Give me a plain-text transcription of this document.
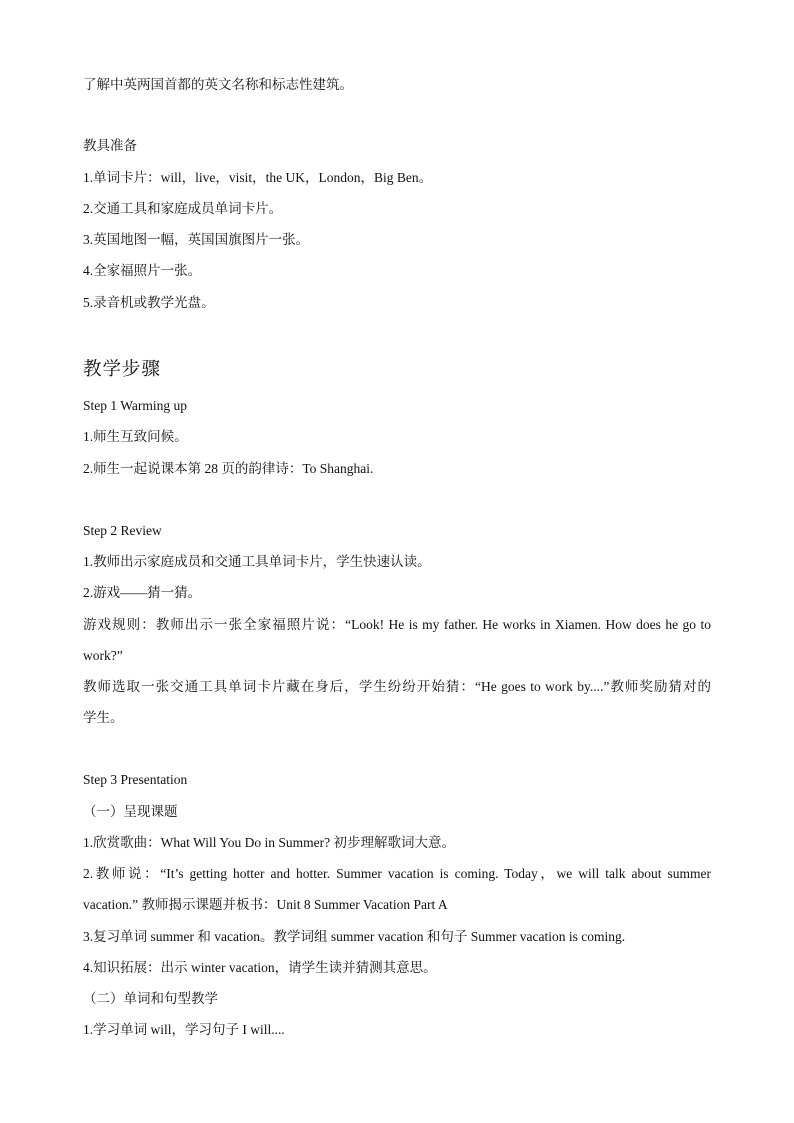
了解中英两国首都的英文名称和标志性建筑。
教具准备
1.单词卡片：will，live，visit，the UK，London，Big Ben。
2.交通工具和家庭成员单词卡片。
3.英国地图一幅，英国国旗图片一张。
4.全家福照片一张。
5.录音机或教学光盘。
教学步骤
Step 1 Warming up
1.师生互致问候。
2.师生一起说课本第 28 页的韵律诗：To Shanghai.
Step 2 Review
1.教师出示家庭成员和交通工具单词卡片，学生快速认读。
2.游戏——猜一猜。
游戏规则：教师出示一张全家福照片说：“Look! He is my father. He works in Xiamen. How does he go to
work?”
教师选取一张交通工具单词卡片藏在身后，学生纷纷开始猜：“He goes to work by....”教师奖励猜对的
学生。
Step 3 Presentation
（一）呈现课题
1.欣赏歌曲：What Will You Do in Summer? 初步理解歌词大意。
2.教师说：“It’s getting hotter and hotter. Summer vacation is coming. Today，we will talk about summer
vacation.” 教师揭示课题并板书：Unit 8 Summer Vacation Part A
3.复习单词 summer 和 vacation。教学词组 summer vacation 和句子 Summer vacation is coming.
4.知识拓展：出示 winter vacation，请学生读并猜测其意思。
（二）单词和句型教学
1.学习单词 will，学习句子 I will....
